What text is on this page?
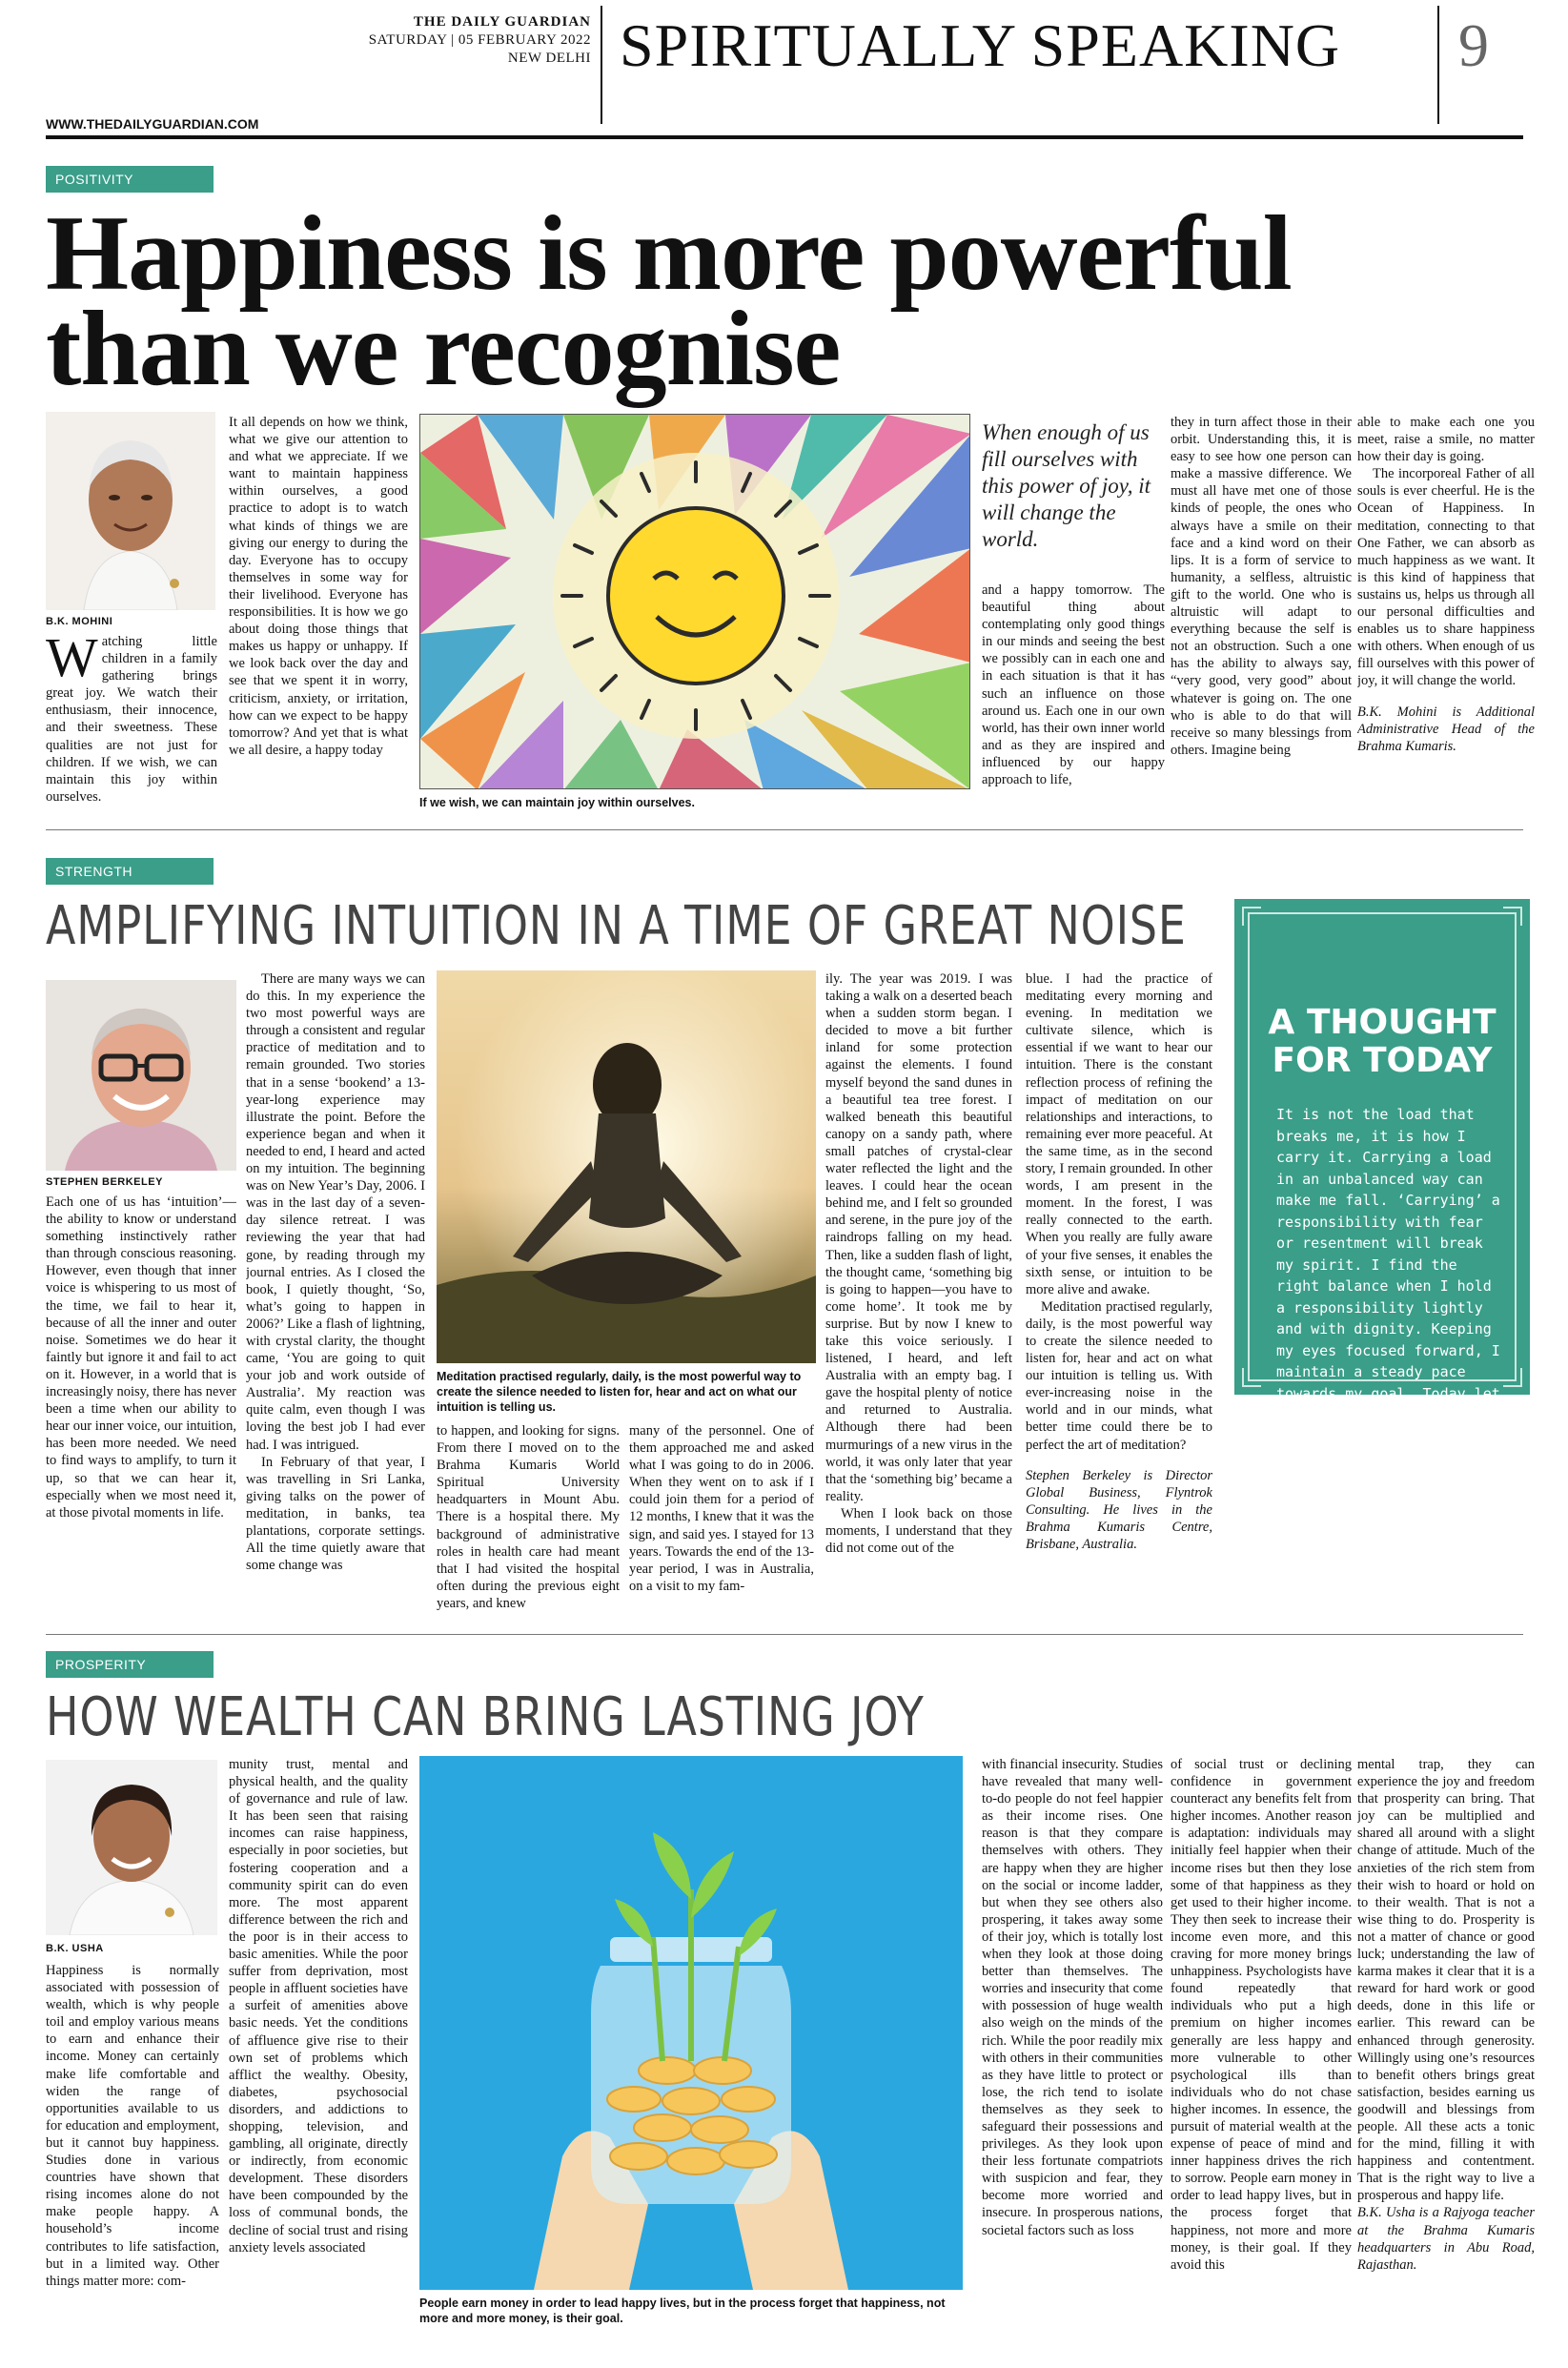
THE DAILY GUARDIAN
SATURDAY | 05 FEBRUARY 2022
NEW DELHI SPIRITUALLY SPEAKING 9
WWW.THEDAILYGUARDIAN.COM
POSITIVITY
Happiness is more powerful
than we recognise
B.K. MOHINI
Watching little children in a family gathering brings great joy. We watch their enthusiasm, their innocence, and their sweetness. These qualities are not just for children. If we wish, we can maintain this joy within ourselves.
It all depends on how we think, what we give our attention to and what we appreciate. If we want to maintain happiness within ourselves, a good practice to adopt is to watch what kinds of things we are giving our energy to during the day. Everyone has to occupy themselves in some way for their livelihood. Everyone has responsibilities. It is how we go about doing those things that makes us happy or unhappy. If we look back over the day and see that we spent it in worry, criticism, anxiety, or irritation, how can we expect to be happy tomorrow? And yet that is what we all desire, a happy today
If we wish, we can maintain joy within ourselves.
When enough of us fill ourselves with this power of joy, it will change the world.
and a happy tomorrow. The beautiful thing about contemplating only good things in our minds and seeing the best we possibly can in each one and in each situation is that it has such an influence on those around us. Each one in our own world, has their own inner world and as they are inspired and influenced by our happy approach to life,
they in turn affect those in their orbit. Understanding this, it is easy to see how one person can make a massive difference. We must all have met one of those kinds of people, the ones who always have a smile on their face and a kind word on their lips. It is a form of service to humanity, a selfless, altruistic gift to the world. One who is altruistic will adapt to everything because the self is not an obstruction. Such a one has the ability to always say, “very good, very good” about whatever is going on. The one who is able to do that will receive so many blessings from others. Imagine being

able to make each one you meet, raise a smile, no matter how their day is going.

The incorporeal Father of all souls is ever cheerful. He is the Ocean of Happiness. In meditation, connecting to that One Father, we can absorb as much happiness as we want. It is this kind of happiness that sustains us, helps us through all our personal difficulties and enables us to share happiness with others. When enough of us fill ourselves with this power of joy, it will change the world.

B.K. Mohini is Additional Administrative Head of the Brahma Kumaris.

STRENGTH
AMPLIFYING INTUITION IN A TIME OF GREAT NOISE
STEPHEN BERKELEY
Each one of us has ‘intuition’—the ability to know or understand something instinctively rather than through conscious reasoning. However, even though that inner voice is whispering to us most of the time, we fail to hear it, because of all the inner and outer noise. Sometimes we do hear it faintly but ignore it and fail to act on it. However, in a world that is increasingly noisy, there has never been a time when our ability to hear our inner voice, our intuition, has been more needed. We need to find ways to amplify, to turn it up, so that we can hear it, especially when we most need it, at those pivotal moments in life.

There are many ways we can do this. In my experience the two most powerful ways are through a consistent and regular practice of meditation and to remain grounded. Two stories that in a sense ‘bookend’ a 13-year-long experience may illustrate the point. Before the experience began and when it needed to end, I heard and acted on my intuition. The beginning was on New Year’s Day, 2006. I was in the last day of a seven-day silence retreat. I was reviewing the year that had gone, by reading through my journal entries. As I closed the book, I quietly thought, ‘So, what’s going to happen in 2006?’ Like a flash of lightning, with crystal clarity, the thought came, ‘You are going to quit your job and work outside of Australia’. My reaction was quite calm, even though I was loving the best job I had ever had. I was intrigued.

In February of that year, I was travelling in Sri Lanka, giving talks on the power of meditation, in banks, tea plantations, corporate settings. All the time quietly aware that some change was

Meditation practised regularly, daily, is the most powerful way to create the silence needed to listen for, hear and act on what our intuition is telling us.
to happen, and looking for signs. From there I moved on to the Brahma Kumaris World Spiritual University headquarters in Mount Abu. There is a hospital there. My background of administrative roles in health care had meant that I had visited the hospital often during the previous eight years, and knew
many of the personnel. One of them approached me and asked what I was going to do in 2006. When they went on to ask if I could join them for a period of 12 months, I knew that it was the sign, and said yes. I stayed for 13 years. Towards the end of the 13-year period, I was in Australia, on a visit to my fam-

ily. The year was 2019. I was taking a walk on a deserted beach when a sudden storm began. I decided to move a bit further inland for some protection against the elements. I found myself beyond the sand dunes in a beautiful tea tree forest. I walked beneath this beautiful canopy on a sandy path, where small patches of crystal-clear water reflected the light and the leaves. I could hear the ocean behind me, and I felt so grounded and serene, in the pure joy of the raindrops falling on my head. Then, like a sudden flash of light, the thought came, ‘something big is going to happen—you have to come home’. It took me by surprise. But by now I knew to take this voice seriously. I listened, I heard, and left Australia with an empty bag. I gave the hospital plenty of notice and returned to Australia. Although there had been murmurings of a new virus in the world, it was only later that year that the ‘something big’ became a reality.

When I look back on those moments, I understand that they did not come out of the

blue. I had the practice of meditating every morning and evening. In meditation we cultivate silence, which is essential if we want to hear our intuition. There is the constant reflection process of refining the impact of meditation on our relationships and interactions, to remaining ever more peaceful. At the same time, as in the second story, I remain grounded. In other words, I am present in the moment. In the forest, I was really connected to the earth. When you really are fully aware of your five senses, it enables the sixth sense, or intuition to be more alive and awake.

Meditation practised regularly, daily, is the most powerful way to create the silence needed to listen for, hear and act on what our intuition is telling us. With ever-increasing noise in the world and in our minds, what better time could there be to perfect the art of meditation?

Stephen Berkeley is Director Global Business, Flyntrok Consulting. He lives in the Brahma Kumaris Centre, Brisbane, Australia.

A THOUGHT
FOR TODAY
It is not the load that breaks me, it is how I carry it. Carrying a load in an unbalanced way can make me fall. ‘Carrying’ a responsibility with fear or resentment will break my spirit. I find the right balance when I hold a responsibility lightly and with dignity. Keeping my eyes focused forward, I maintain a steady pace towards my goal. Today let me carry my responsibilities in a balanced way.
PROSPERITY
HOW WEALTH CAN BRING LASTING JOY
B.K. USHA
Happiness is normally associated with possession of wealth, which is why people toil and employ various means to earn and enhance their income. Money can certainly make life comfortable and widen the range of opportunities available to us for education and employment, but it cannot buy happiness. Studies done in various countries have shown that rising incomes alone do not make people happy. A household’s income contributes to life satisfaction, but in a limited way. Other things matter more: com-
munity trust, mental and physical health, and the quality of governance and rule of law. It has been seen that raising incomes can raise happiness, especially in poor societies, but fostering cooperation and a community spirit can do even more. The most apparent difference between the rich and the poor is in their access to basic amenities. While the poor suffer from deprivation, most people in affluent societies have a surfeit of amenities above basic needs. Yet the conditions of affluence give rise to their own set of problems which afflict the wealthy. Obesity, diabetes, psychosocial disorders, and addictions to shopping, television, and gambling, all originate, directly or indirectly, from economic development. These disorders have been compounded by the loss of communal bonds, the decline of social trust and rising anxiety levels associated
People earn money in order to lead happy lives, but in the process forget that happiness, not more and more money, is their goal.
with financial insecurity. Studies have revealed that many well-to-do people do not feel happier as their income rises. One reason is that they compare themselves with others. They are happy when they are higher on the social or income ladder, but when they see others also prospering, it takes away some of their joy, which is totally lost when they look at those doing better than themselves. The worries and insecurity that come with possession of huge wealth also weigh on the minds of the rich. While the poor readily mix with others in their communities as they have little to protect or lose, the rich tend to isolate themselves as they seek to safeguard their possessions and privileges. As they look upon their less fortunate compatriots with suspicion and fear, they become more worried and insecure. In prosperous nations, societal factors such as loss
of social trust or declining confidence in government counteract any benefits felt from higher incomes. Another reason is adaptation: individuals may initially feel happier when their income rises but then they lose some of that happiness as they get used to their higher income. They then seek to increase their income even more, and this craving for more money brings unhappiness. Psychologists have found repeatedly that individuals who put a high premium on higher incomes generally are less happy and more vulnerable to other psychological ills than individuals who do not chase higher incomes. In essence, the pursuit of material wealth at the expense of peace of mind and inner happiness drives the rich to sorrow. People earn money in order to lead happy lives, but in the process forget that happiness, not more and more money, is their goal. If they avoid this

mental trap, they can experience the joy and freedom that prosperity can bring. That joy can be multiplied and shared all around with a slight change of attitude. Much of the anxieties of the rich stem from their wish to hoard or hold on to their wealth. That is not a wise thing to do. Prosperity is not a matter of chance or good luck; understanding the law of karma makes it clear that it is a reward for hard work or good deeds, done in this life or earlier. This reward can be enhanced through generosity. Willingly using one’s resources to benefit others brings great satisfaction, besides earning us goodwill and blessings from people. All these acts a tonic for the mind, filling it with happiness and contentment. That is the right way to live a prosperous and happy life.

B.K. Usha is a Rajyoga teacher at the Brahma Kumaris headquarters in Abu Road, Rajasthan.
